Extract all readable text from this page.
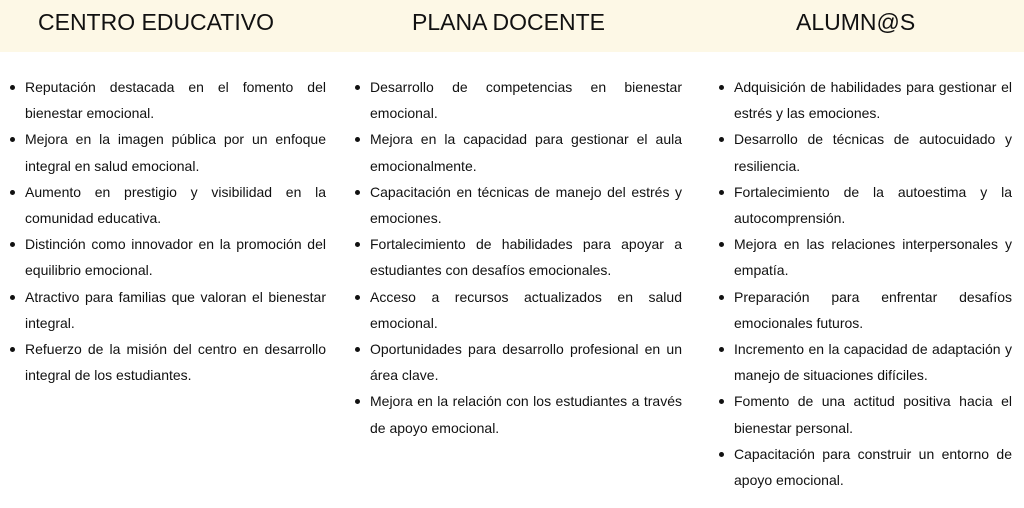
CENTRO EDUCATIVO	PLANA DOCENTE	ALUMN@S
Reputación destacada en el fomento del bienestar emocional.
Mejora en la imagen pública por un enfoque integral en salud emocional.
Aumento en prestigio y visibilidad en la comunidad educativa.
Distinción como innovador en la promoción del equilibrio emocional.
Atractivo para familias que valoran el bienestar integral.
Refuerzo de la misión del centro en desarrollo integral de los estudiantes.
Desarrollo de competencias en bienestar emocional.
Mejora en la capacidad para gestionar el aula emocionalmente.
Capacitación en técnicas de manejo del estrés y emociones.
Fortalecimiento de habilidades para apoyar a estudiantes con desafíos emocionales.
Acceso a recursos actualizados en salud emocional.
Oportunidades para desarrollo profesional en un área clave.
Mejora en la relación con los estudiantes a través de apoyo emocional.
Adquisición de habilidades para gestionar el estrés y las emociones.
Desarrollo de técnicas de autocuidado y resiliencia.
Fortalecimiento de la autoestima y la autocomprensión.
Mejora en las relaciones interpersonales y empatía.
Preparación para enfrentar desafíos emocionales futuros.
Incremento en la capacidad de adaptación y manejo de situaciones difíciles.
Fomento de una actitud positiva hacia el bienestar personal.
Capacitación para construir un entorno de apoyo emocional.
